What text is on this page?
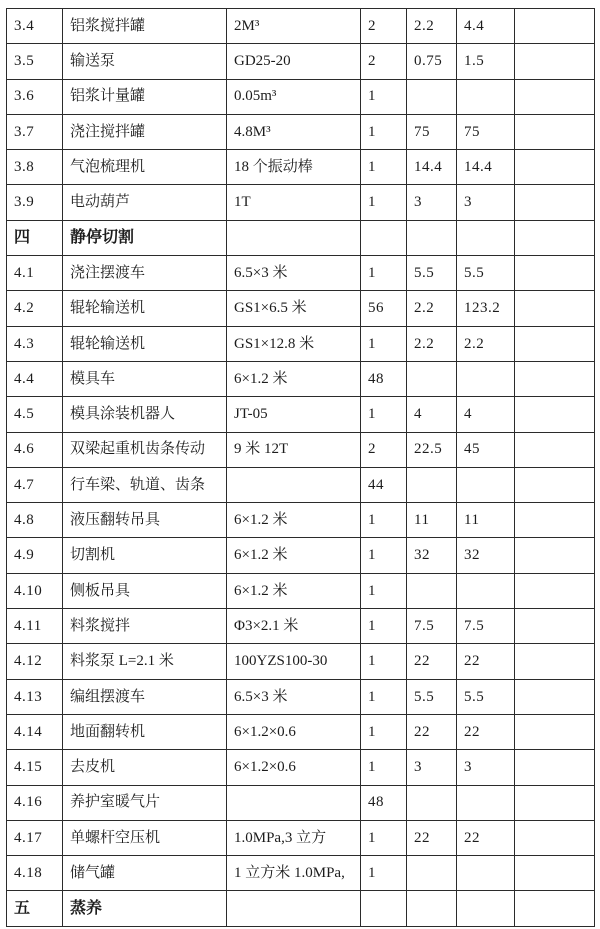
3.4	铝浆搅拌罐	2M³	2	2.2	4.4	
3.5	输送泵	GD25-20	2	0.75	1.5	
3.6	铝浆计量罐	0.05m³	1			
3.7	浇注搅拌罐	4.8M³	1	75	75	
3.8	气泡梳理机	18 个振动棒	1	14.4	14.4	
3.9	电动葫芦	1T	1	3	3	
四	静停切割					
4.1	浇注摆渡车	6.5×3 米	1	5.5	5.5	
4.2	辊轮输送机	GS1×6.5 米	56	2.2	123.2	
4.3	辊轮输送机	GS1×12.8 米	1	2.2	2.2	
4.4	模具车	6×1.2 米	48			
4.5	模具涂装机器人	JT-05	1	4	4	
4.6	双梁起重机齿条传动	9 米 12T	2	22.5	45	
4.7	行车梁、轨道、齿条		44			
4.8	液压翻转吊具	6×1.2 米	1	11	11	
4.9	切割机	6×1.2 米	1	32	32	
4.10	侧板吊具	6×1.2 米	1			
4.11	料浆搅拌	Φ3×2.1 米	1	7.5	7.5	
4.12	料浆泵 L=2.1 米	100YZS100-30	1	22	22	
4.13	编组摆渡车	6.5×3 米	1	5.5	5.5	
4.14	地面翻转机	6×1.2×0.6	1	22	22	
4.15	去皮机	6×1.2×0.6	1	3	3	
4.16	养护室暖气片		48			
4.17	单螺杆空压机	1.0MPa,3 立方	1	22	22	
4.18	储气罐	1 立方米 1.0MPa,	1			
五	蒸养					
